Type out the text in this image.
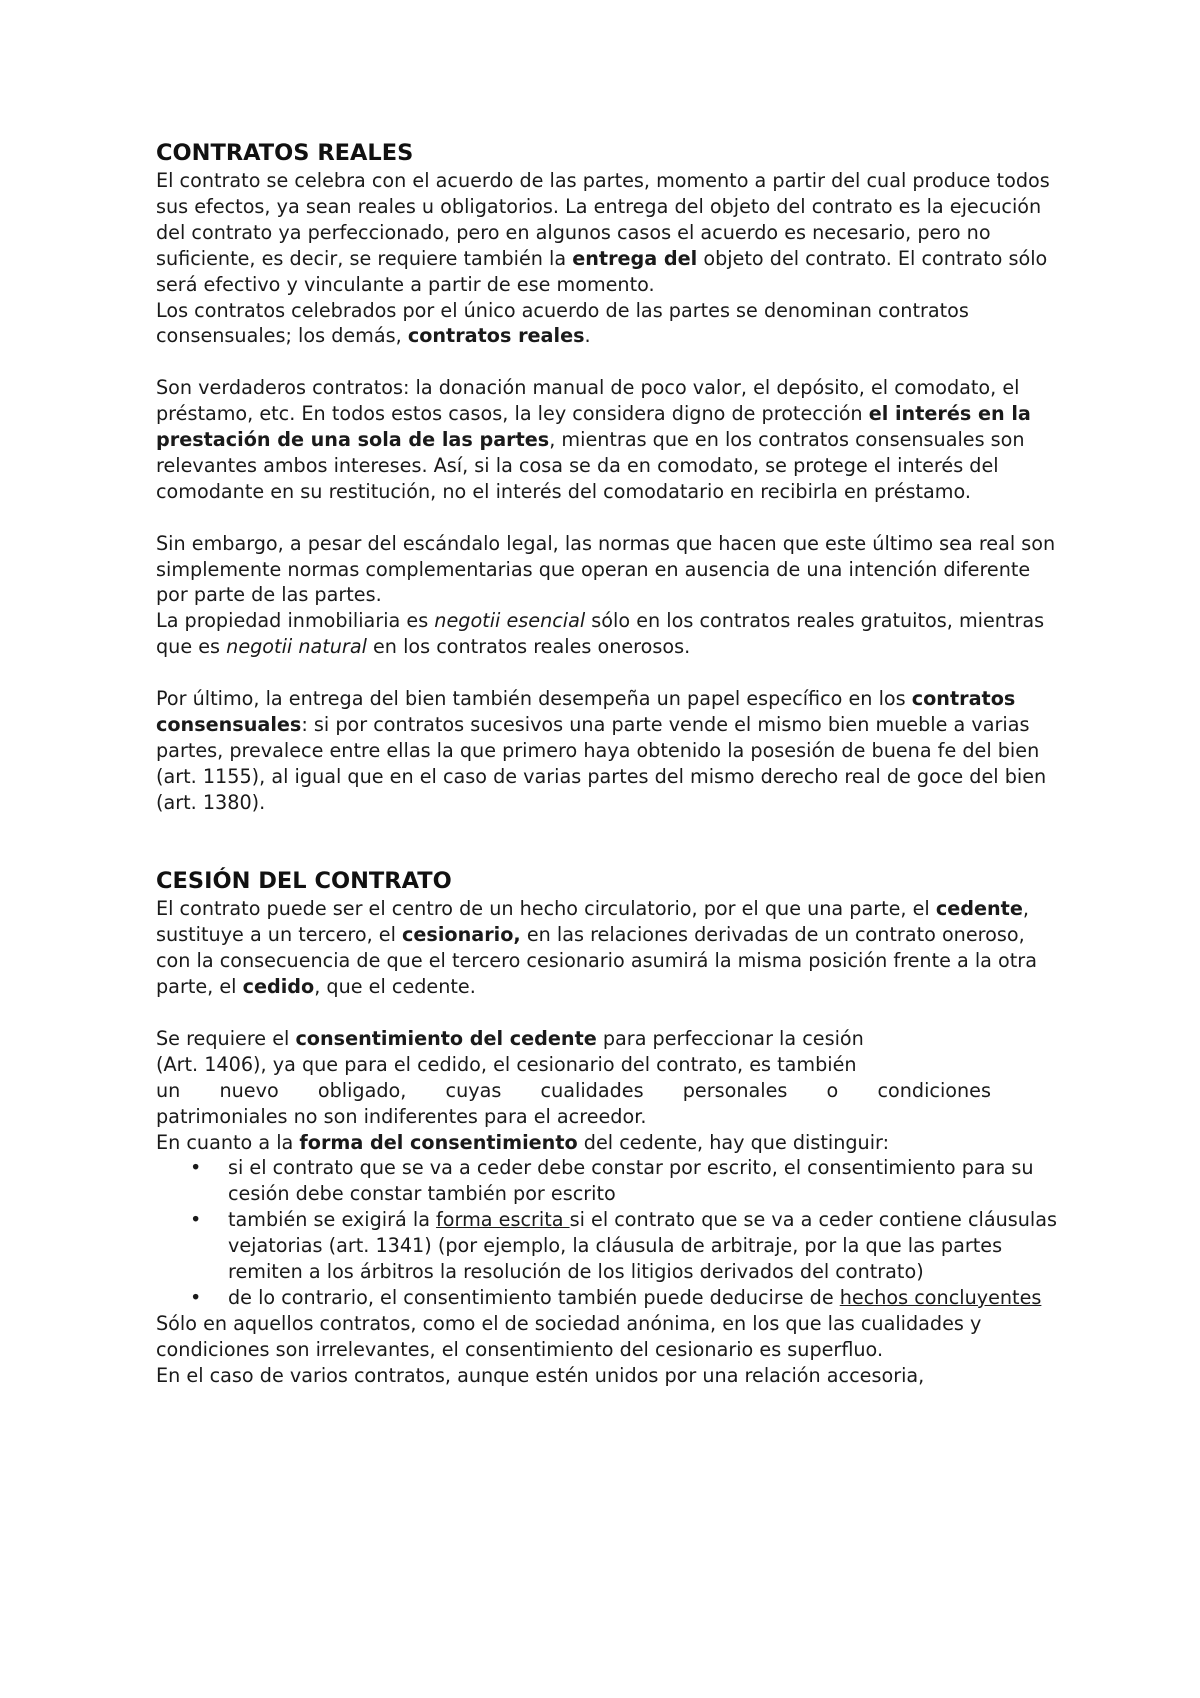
CONTRATOS REALES

El contrato se celebra con el acuerdo de las partes, momento a partir del cual produce todos sus efectos, ya sean reales u obligatorios. La entrega del objeto del contrato es la ejecución del contrato ya perfeccionado, pero en algunos casos el acuerdo es necesario, pero no suficiente, es decir, se requiere también la entrega del objeto del contrato. El contrato sólo será efectivo y vinculante a partir de ese momento.

Los contratos celebrados por el único acuerdo de las partes se denominan contratos consensuales; los demás, contratos reales.

Son verdaderos contratos: la donación manual de poco valor, el depósito, el comodato, el préstamo, etc. En todos estos casos, la ley considera digno de protección el interés en la prestación de una sola de las partes, mientras que en los contratos consensuales son relevantes ambos intereses. Así, si la cosa se da en comodato, se protege el interés del comodante en su restitución, no el interés del comodatario en recibirla en préstamo.

Sin embargo, a pesar del escándalo legal, las normas que hacen que este último sea real son

simplemente normas complementarias que operan en ausencia de una intención diferente por parte de las partes.

La propiedad inmobiliaria es negotii esencial sólo en los contratos reales gratuitos, mientras que es negotii natural en los contratos reales onerosos.

Por último, la entrega del bien también desempeña un papel específico en los contratos consensuales: si por contratos sucesivos una parte vende el mismo bien mueble a varias partes, prevalece entre ellas la que primero haya obtenido la posesión de buena fe del bien (art. 1155), al igual que en el caso de varias partes del mismo derecho real de goce del bien (art. 1380).

CESIÓN DEL CONTRATO

El contrato puede ser el centro de un hecho circulatorio, por el que una parte, el cedente, sustituye a un tercero, el cesionario, en las relaciones derivadas de un contrato oneroso, con la consecuencia de que el tercero cesionario asumirá la misma posición frente a la otra parte, el cedido, que el cedente.

Se requiere el consentimiento del cedente para perfeccionar la cesión

(Art. 1406), ya que para el cedido, el cesionario del contrato, es también

un nuevo obligado, cuyas cualidades personales o condiciones

patrimoniales no son indiferentes para el acreedor.

En cuanto a la forma del consentimiento del cedente, hay que distinguir:

• si el contrato que se va a ceder debe constar por escrito, el consentimiento para su cesión debe constar también por escrito
• también se exigirá la forma escrita si el contrato que se va a ceder contiene cláusulas vejatorias (art. 1341) (por ejemplo, la cláusula de arbitraje, por la que las partes remiten a los árbitros la resolución de los litigios derivados del contrato)
• de lo contrario, el consentimiento también puede deducirse de hechos concluyentes

Sólo en aquellos contratos, como el de sociedad anónima, en los que las cualidades y condiciones son irrelevantes, el consentimiento del cesionario es superfluo.

En el caso de varios contratos, aunque estén unidos por una relación accesoria,
